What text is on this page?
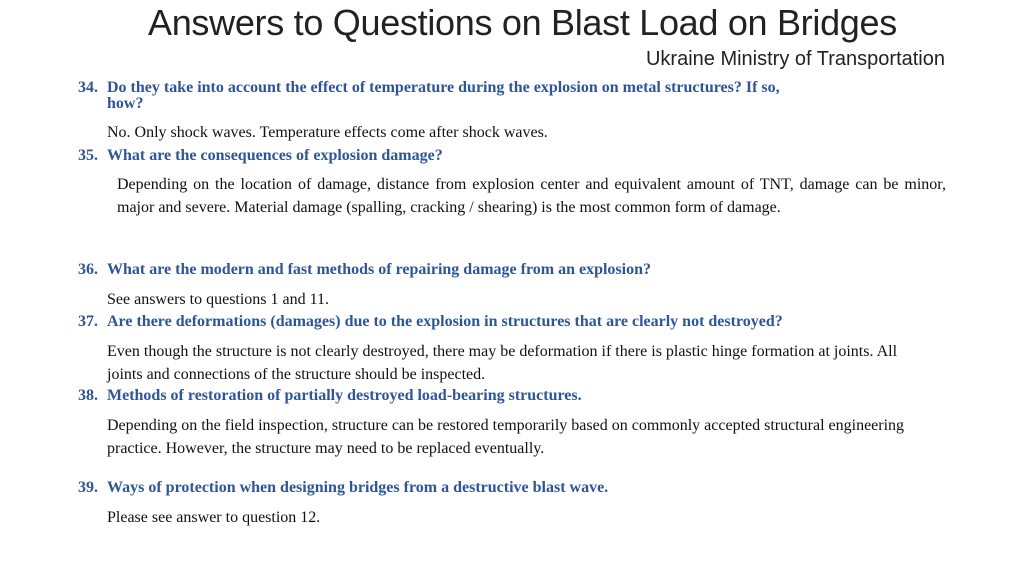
Answers to Questions on Blast Load on Bridges
Ukraine Ministry of Transportation
34. Do they take into account the effect of temperature during the explosion on metal structures? If so,
how?

No. Only shock waves. Temperature effects come after shock waves.

35. What are the consequences of explosion damage?

Depending on the location of damage, distance from explosion center and equivalent amount of TNT, damage can be minor, major and severe. Material damage (spalling, cracking / shearing) is the most common form of damage.

36. What are the modern and fast methods of repairing damage from an explosion?

See answers to questions 1 and 11.

37. Are there deformations (damages) due to the explosion in structures that are clearly not destroyed?

Even though the structure is not clearly destroyed, there may be deformation if there is plastic hinge formation at joints. All joints and connections of the structure should be inspected.

38. Methods of restoration of partially destroyed load-bearing structures.

Depending on the field inspection, structure can be restored temporarily based on commonly accepted structural engineering practice. However, the structure may need to be replaced eventually.

39. Ways of protection when designing bridges from a destructive blast wave.

Please see answer to question 12.
